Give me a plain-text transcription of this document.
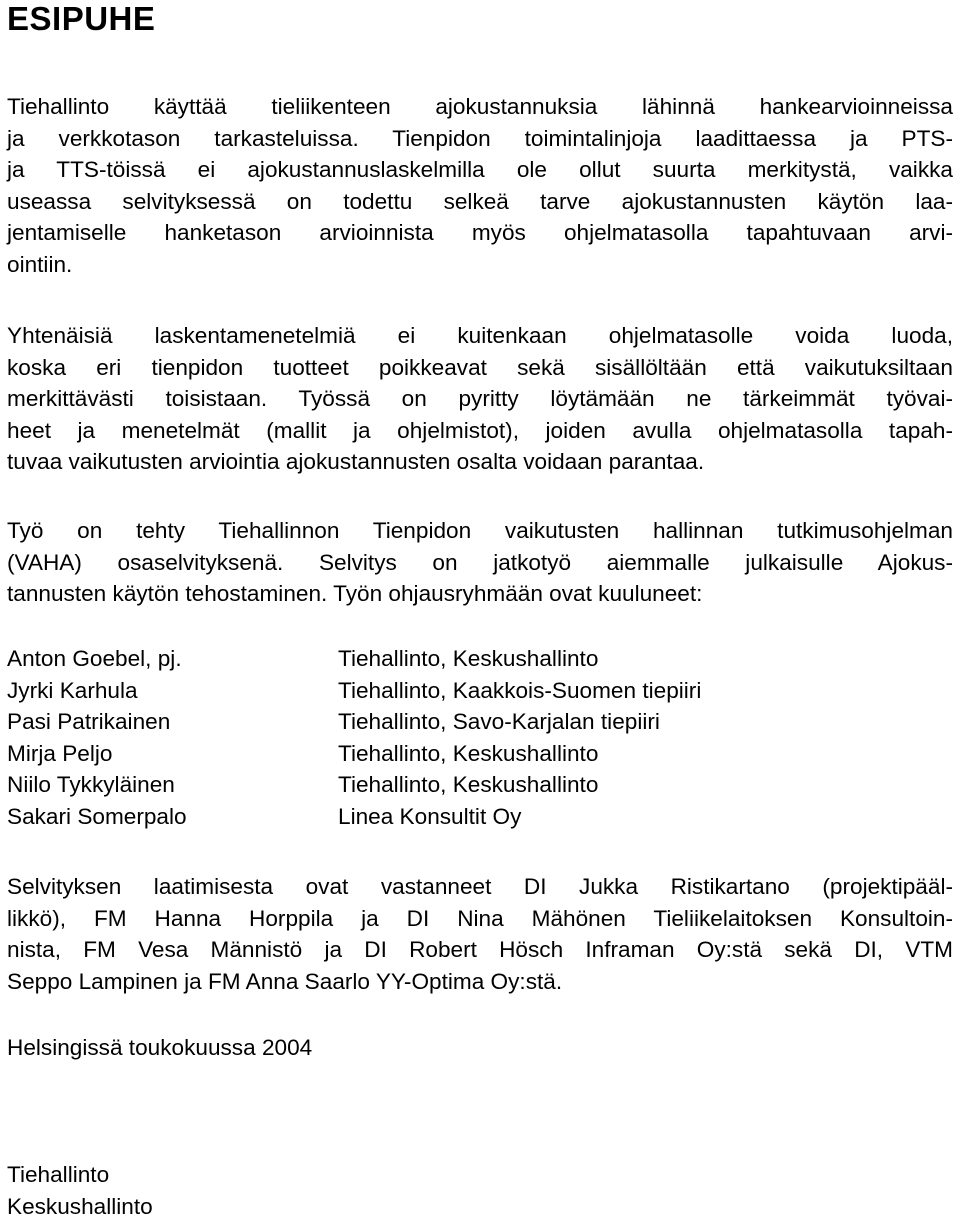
ESIPUHE
Tiehallinto käyttää tieliikenteen ajokustannuksia lähinnä hankearvioinneissa
ja verkkotason tarkasteluissa. Tienpidon toimintalinjoja laadittaessa ja PTS-
ja TTS-töissä ei ajokustannuslaskelmilla ole ollut suurta merkitystä, vaikka
useassa selvityksessä on todettu selkeä tarve ajokustannusten käytön laa-
jentamiselle hanketason arvioinnista myös ohjelmatasolla tapahtuvaan arvi-
ointiin.
Yhtenäisiä laskentamenetelmiä ei kuitenkaan ohjelmatasolle voida luoda,
koska eri tienpidon tuotteet poikkeavat sekä sisällöltään että vaikutuksiltaan
merkittävästi toisistaan. Työssä on pyritty löytämään ne tärkeimmät työvai-
heet ja menetelmät (mallit ja ohjelmistot), joiden avulla ohjelmatasolla tapah-
tuvaa vaikutusten arviointia ajokustannusten osalta voidaan parantaa.
Työ on tehty Tiehallinnon Tienpidon vaikutusten hallinnan tutkimusohjelman
(VAHA) osaselvityksenä. Selvitys on jatkotyö aiemmalle julkaisulle Ajokus-
tannusten käytön tehostaminen. Työn ohjausryhmään ovat kuuluneet:
Anton Goebel, pj.	Tiehallinto, Keskushallinto
Jyrki Karhula	Tiehallinto, Kaakkois-Suomen tiepiiri
Pasi Patrikainen	Tiehallinto, Savo-Karjalan tiepiiri
Mirja Peljo	Tiehallinto, Keskushallinto
Niilo Tykkyläinen	Tiehallinto, Keskushallinto
Sakari Somerpalo	Linea Konsultit Oy
Selvityksen laatimisesta ovat vastanneet DI Jukka Ristikartano (projektipääl-
likkö), FM Hanna Horppila ja DI Nina Mähönen Tieliikelaitoksen Konsultoin-
nista, FM Vesa Männistö ja DI Robert Hösch Inframan Oy:stä sekä DI, VTM
Seppo Lampinen ja FM Anna Saarlo YY-Optima Oy:stä.

Helsingissä toukokuussa 2004

Tiehallinto

Keskushallinto
